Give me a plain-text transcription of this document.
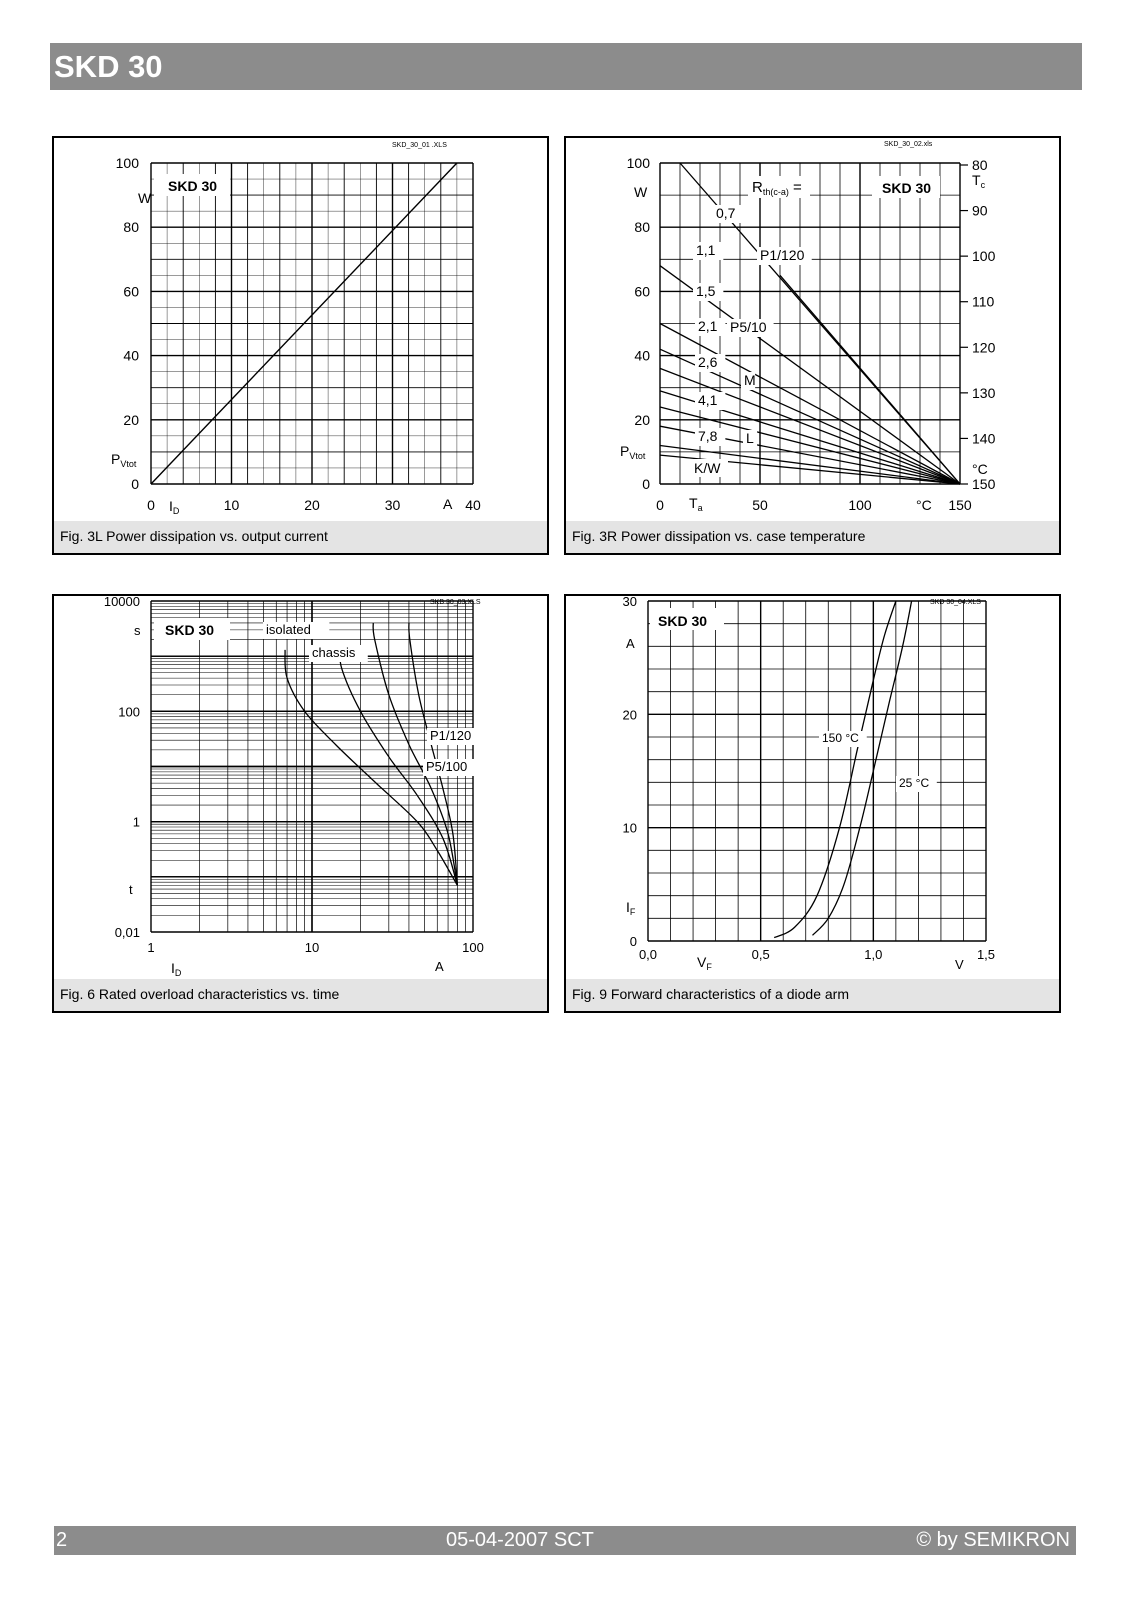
SKD 30
0
20
40
60
80
100
0	10	20	30	40
SKD 30
SKD_30_01 .XLS
W
A
$P_{Vtot}$
$I_D$
Fig. 3L Power dissipation vs. output current
0
20
40
60
80
100
0	50	100	150
150
140
130
120
110
100
90
80
0,7
1,1
1,5
2,1
2,6
4,1
7,8
P1/120
P5/10
M
L
SKD 30
$R_{th(c-a)}$ =
SKD_30_02.xls
W
°C
°C
$T_c$
$P_{Vtot}$
$T_a$
K/W
Fig. 3R Power dissipation vs. case temperature
0,01
1
100
10000
1	10	100
isolated
chassis
P1/120
P5/100
SKD 30
SKB 30_03.XLS
s
A
t
$I_D$
Fig. 6 Rated overload characteristics vs. time
0
10
20
30
0,0	0,5	1,0	1,5
150 °C
25 °C
SKD 30
SKD 30_04.XLS
A
V
$I_F$
$V_F$
Fig. 9 Forward characteristics of a diode arm
2	05-04-2007 SCT	© by SEMIKRON
